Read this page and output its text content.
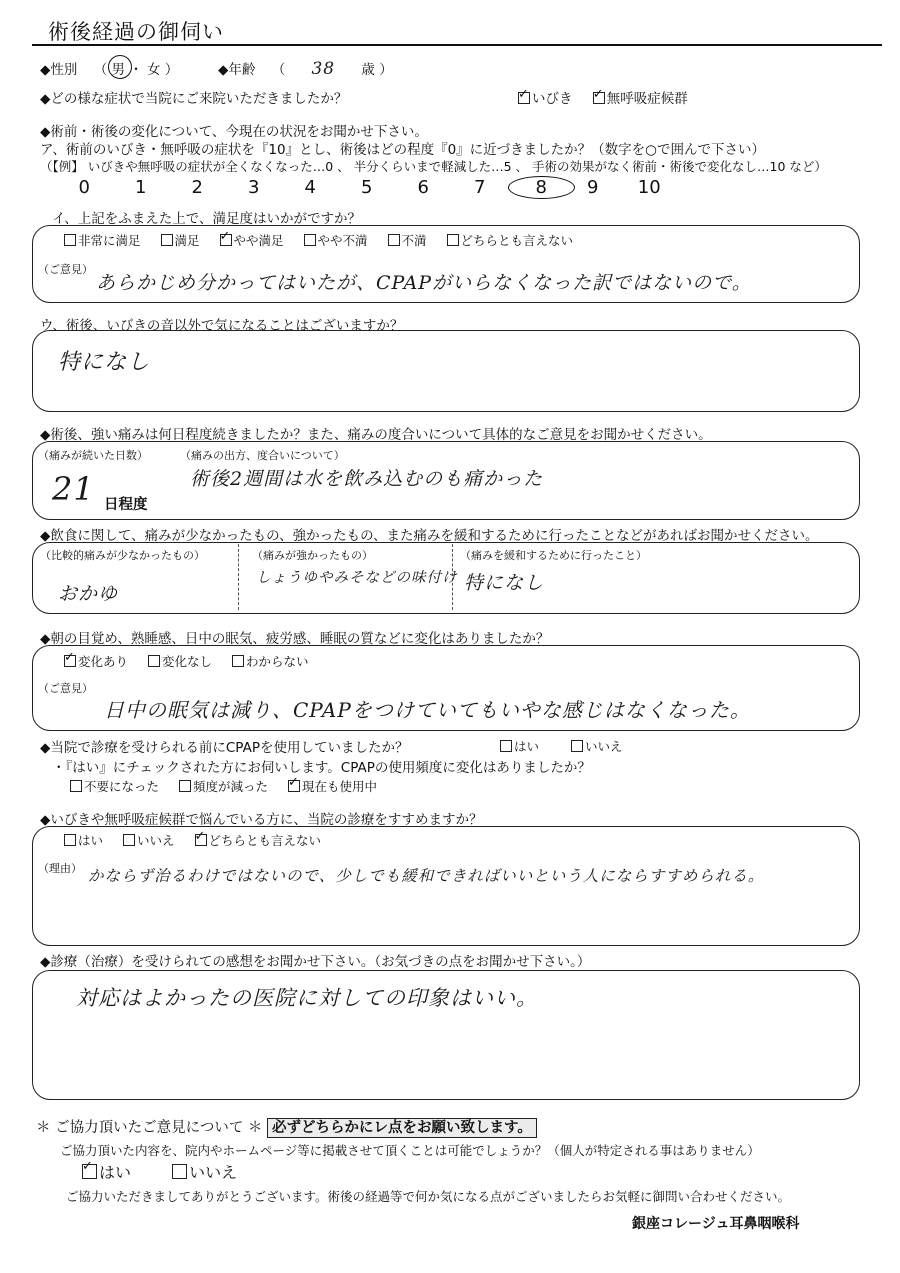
術後経過の御伺い
◆性別 （ 男 ・ 女 ）	◆年齢 （ 38 歳 ）
◆どの様な症状で当院にご来院いただきましたか？ ✓	いびき ✓	無呼吸症候群
◆術前・術後の変化について、今現在の状況をお聞かせ下さい。
ア、術前のいびき・無呼吸の症状を『10』とし、術後はどの程度『0』に近づきましたか？（数字を○で囲んで下さい）
（【例】 いびきや無呼吸の症状が全くなくなった…0 、 半分くらいまで軽減した…5 、 手術の効果がなく術前・術後で変化なし…10 など）
0	1	2	3	4	5	6	7	8 9 10
イ、上記をふまえた上で、満足度はいかがですか？
非常に満足	満足 ✓	やや満足	やや不満	不満	どちらとも言えない
（ご意見）
あらかじめ分かってはいたが、CPAPがいらなくなった訳ではないので。
ウ、術後、いびきの音以外で気になることはございますか？
特になし
◆術後、強い痛みは何日程度続きましたか？また、痛みの度合いについて具体的なご意見をお聞かせください。
（痛みが続いた日数）
21 日程度
（痛みの出方、度合いについて）
術後2週間は水を飲み込むのも痛かった
◆飲食に関して、痛みが少なかったもの、強かったもの、また痛みを緩和するために行ったことなどがあればお聞かせください。
（比較的痛みが少なかったもの）
おかゆ
（痛みが強かったもの）
しょうゆやみそなどの味付け
（痛みを緩和するために行ったこと）
特になし
◆朝の目覚め、熟睡感、日中の眠気、疲労感、睡眠の質などに変化はありましたか？
✓変化あり	変化なし	わからない
（ご意見）
日中の眠気は減り、CPAPをつけていてもいやな感じはなくなった。
◆当院で診療を受けられる前にCPAPを使用していましたか？	はい	いいえ
・『はい』にチェックされた方にお伺いします。CPAPの使用頻度に変化はありましたか？
不要になった	頻度が減った ✓	現在も使用中
◆いびきや無呼吸症候群で悩んでいる方に、当院の診療をすすめますか？
はい	いいえ ✓	どちらとも言えない
（理由） かならず治るわけではないので、少しでも緩和できればいいという人にならすすめられる。
◆診療（治療）を受けられての感想をお聞かせ下さい。（お気づきの点をお聞かせ下さい。）
対応はよかったの医院に対しての印象はいい。
＊ ご協力頂いたご意見について ＊ 必ずどちらかにレ点をお願い致します。
ご協力頂いた内容を、院内やホームページ等に掲載させて頂くことは可能でしょうか？（個人が特定される事はありません）
✓はい	いいえ
ご協力いただきましてありがとうございます。術後の経過等で何か気になる点がございましたらお気軽に御問い合わせください。
銀座コレージュ耳鼻咽喉科
